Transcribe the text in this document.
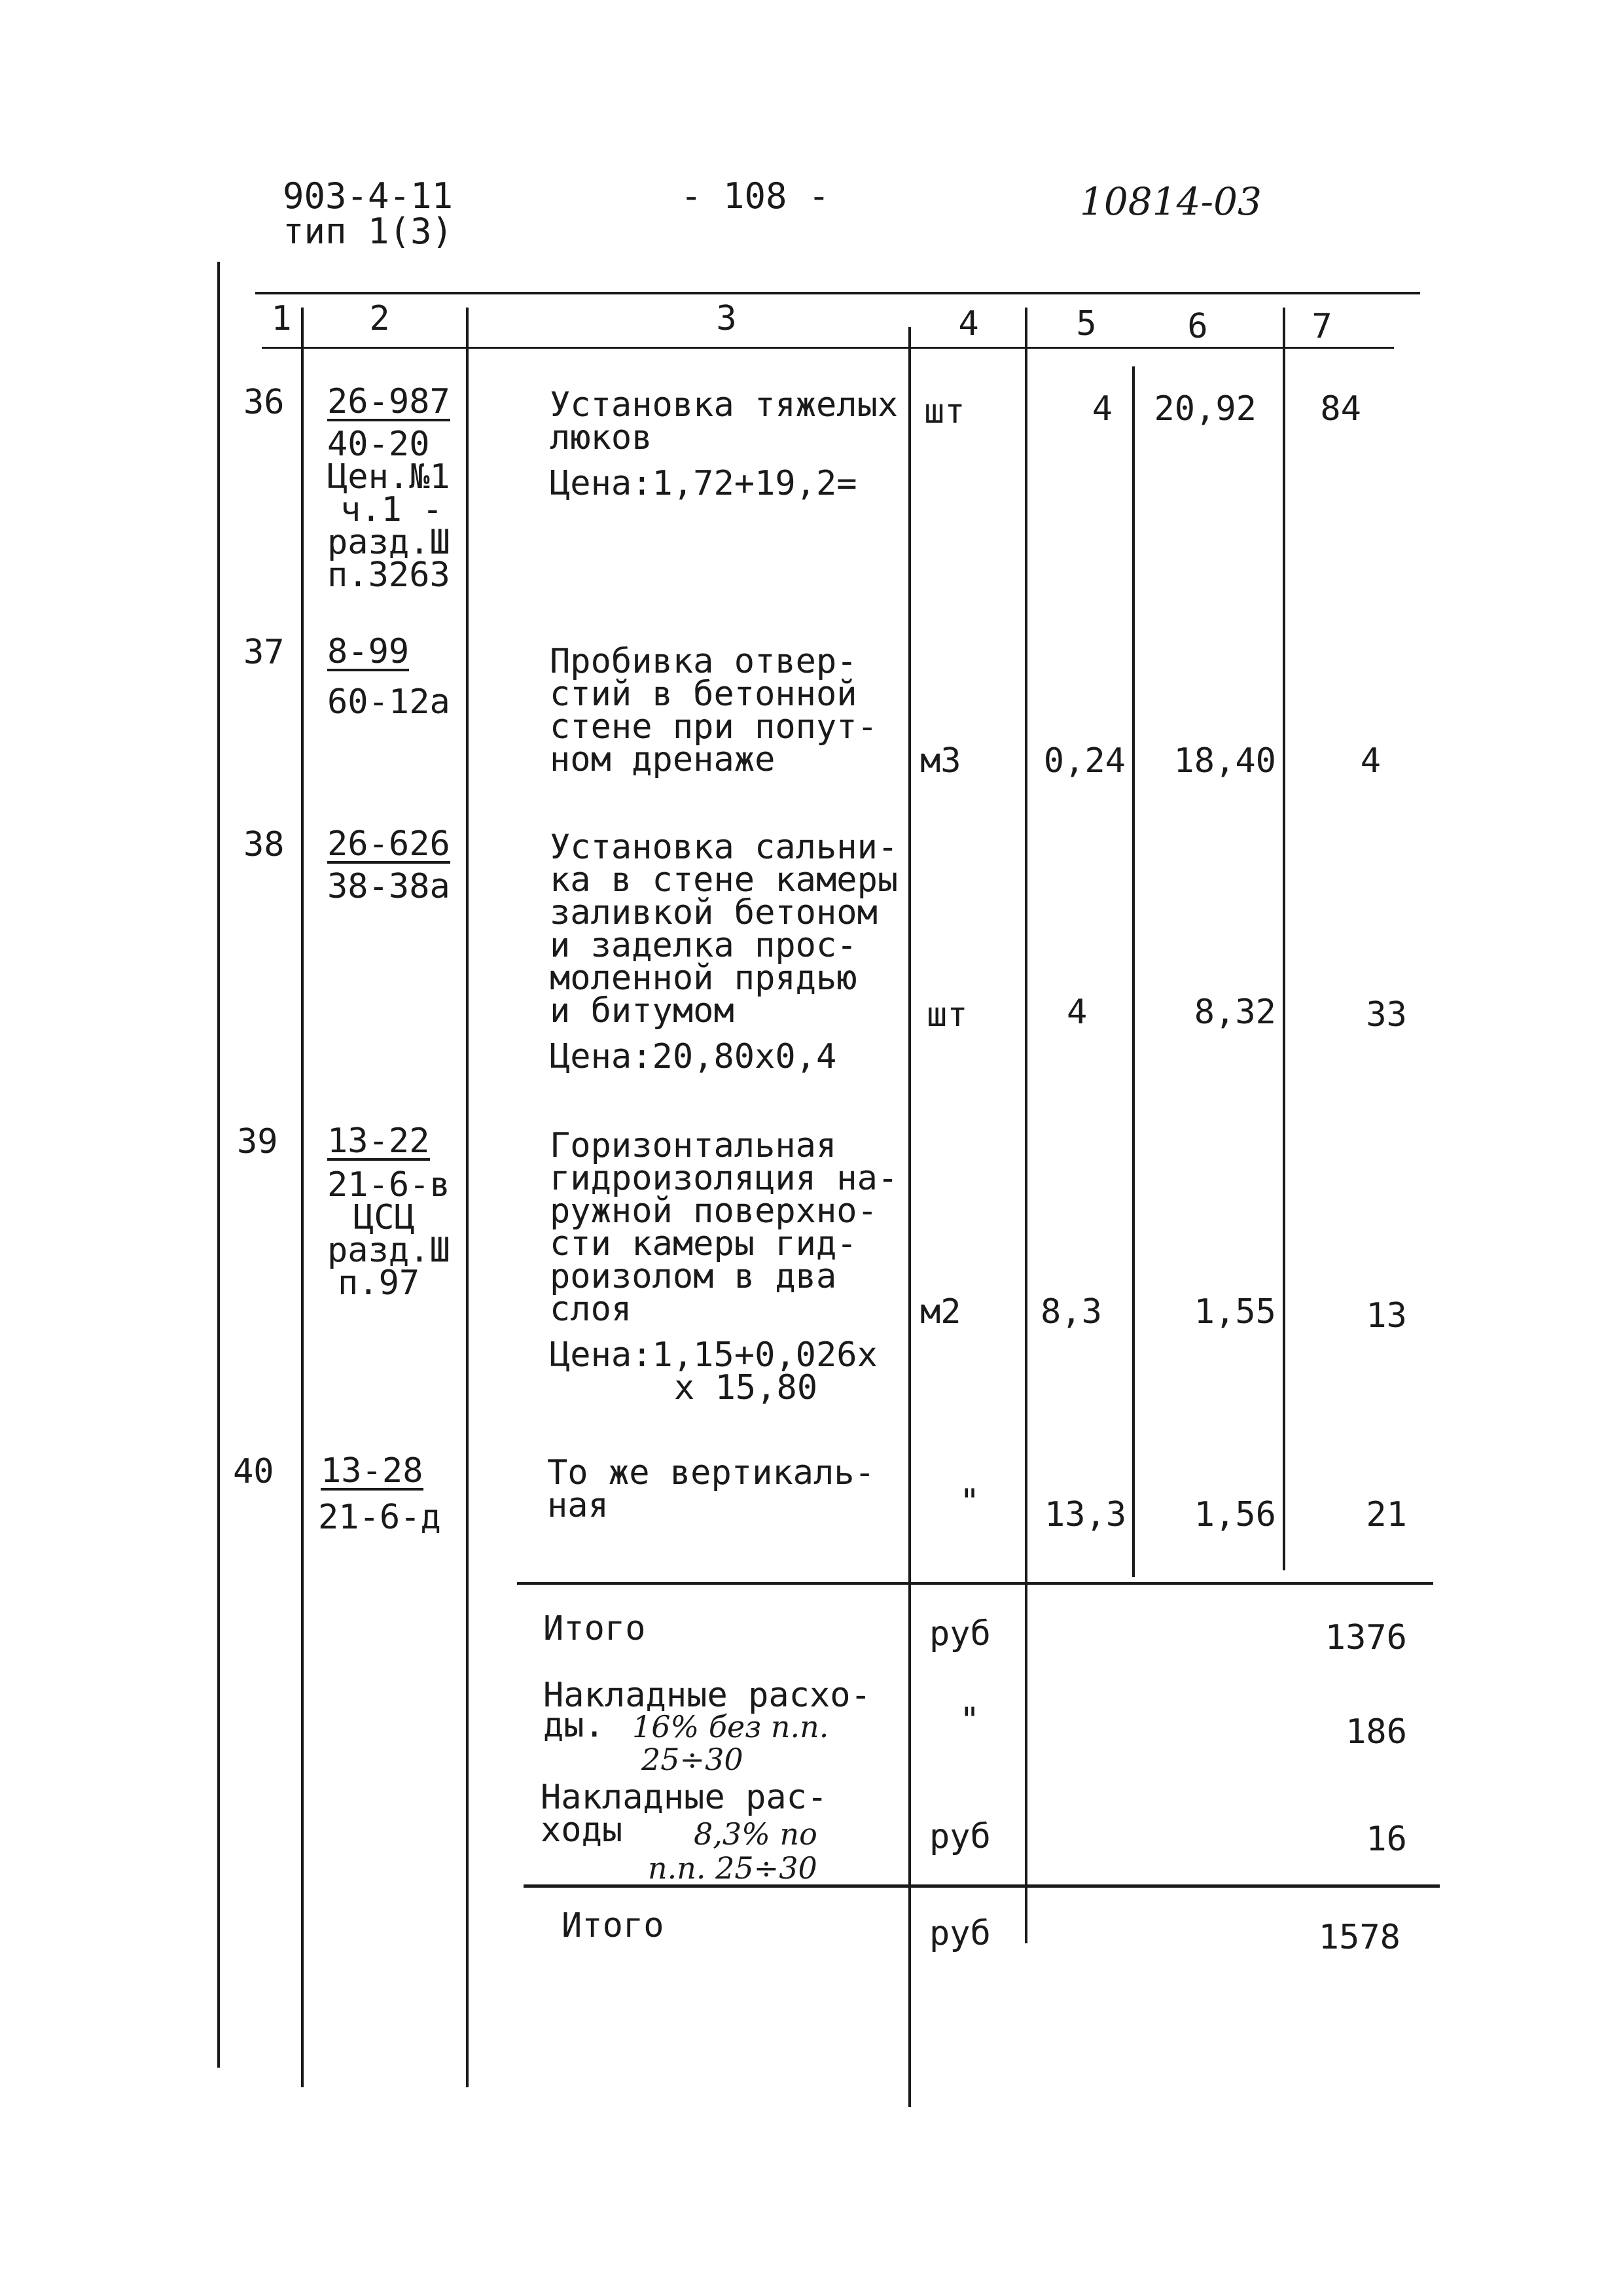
903-4-11
тип 1(3)
- 108 -	10814-03
1	2	3	4	5	6	7
36 26-987
40-20
Цен.№1
ч.1 -
разд.Ш
п.3263
Установка тяжелых
люков
Цена:1,72+19,2=
шт	4	20,92	84
37 8-99
60-12а
Пробивка отвер-
стий в бетонной
стене при попут-
ном дренаже	м3 0,24	18,40	4
38 26-626
38-38а
Установка сальни-
ка в стене камеры
заливкой бетоном
и заделка прос-
моленной прядью
и битумом
Цена:20,80х0,4
шт	4	8,32	33
39 13-22
21-6-в
ЦСЦ
разд.Ш
п.97
Горизонтальная
гидроизоляция на-
ружной поверхно-
сти камеры гид-
роизолом в два
слоя
Цена:1,15+0,026х
х 15,80
м2 8,3	1,55	13
40 13-28
21-6-д
То же вертикаль-
ная	" 13,3	1,56	21
Итого	руб	1376
Накладные расхо-
ды. 16% без п.п.
25÷30
"	186
Накладные рас-
ходы 8,3% по
п.п. 25÷30
руб	16
Итого	руб	1578
